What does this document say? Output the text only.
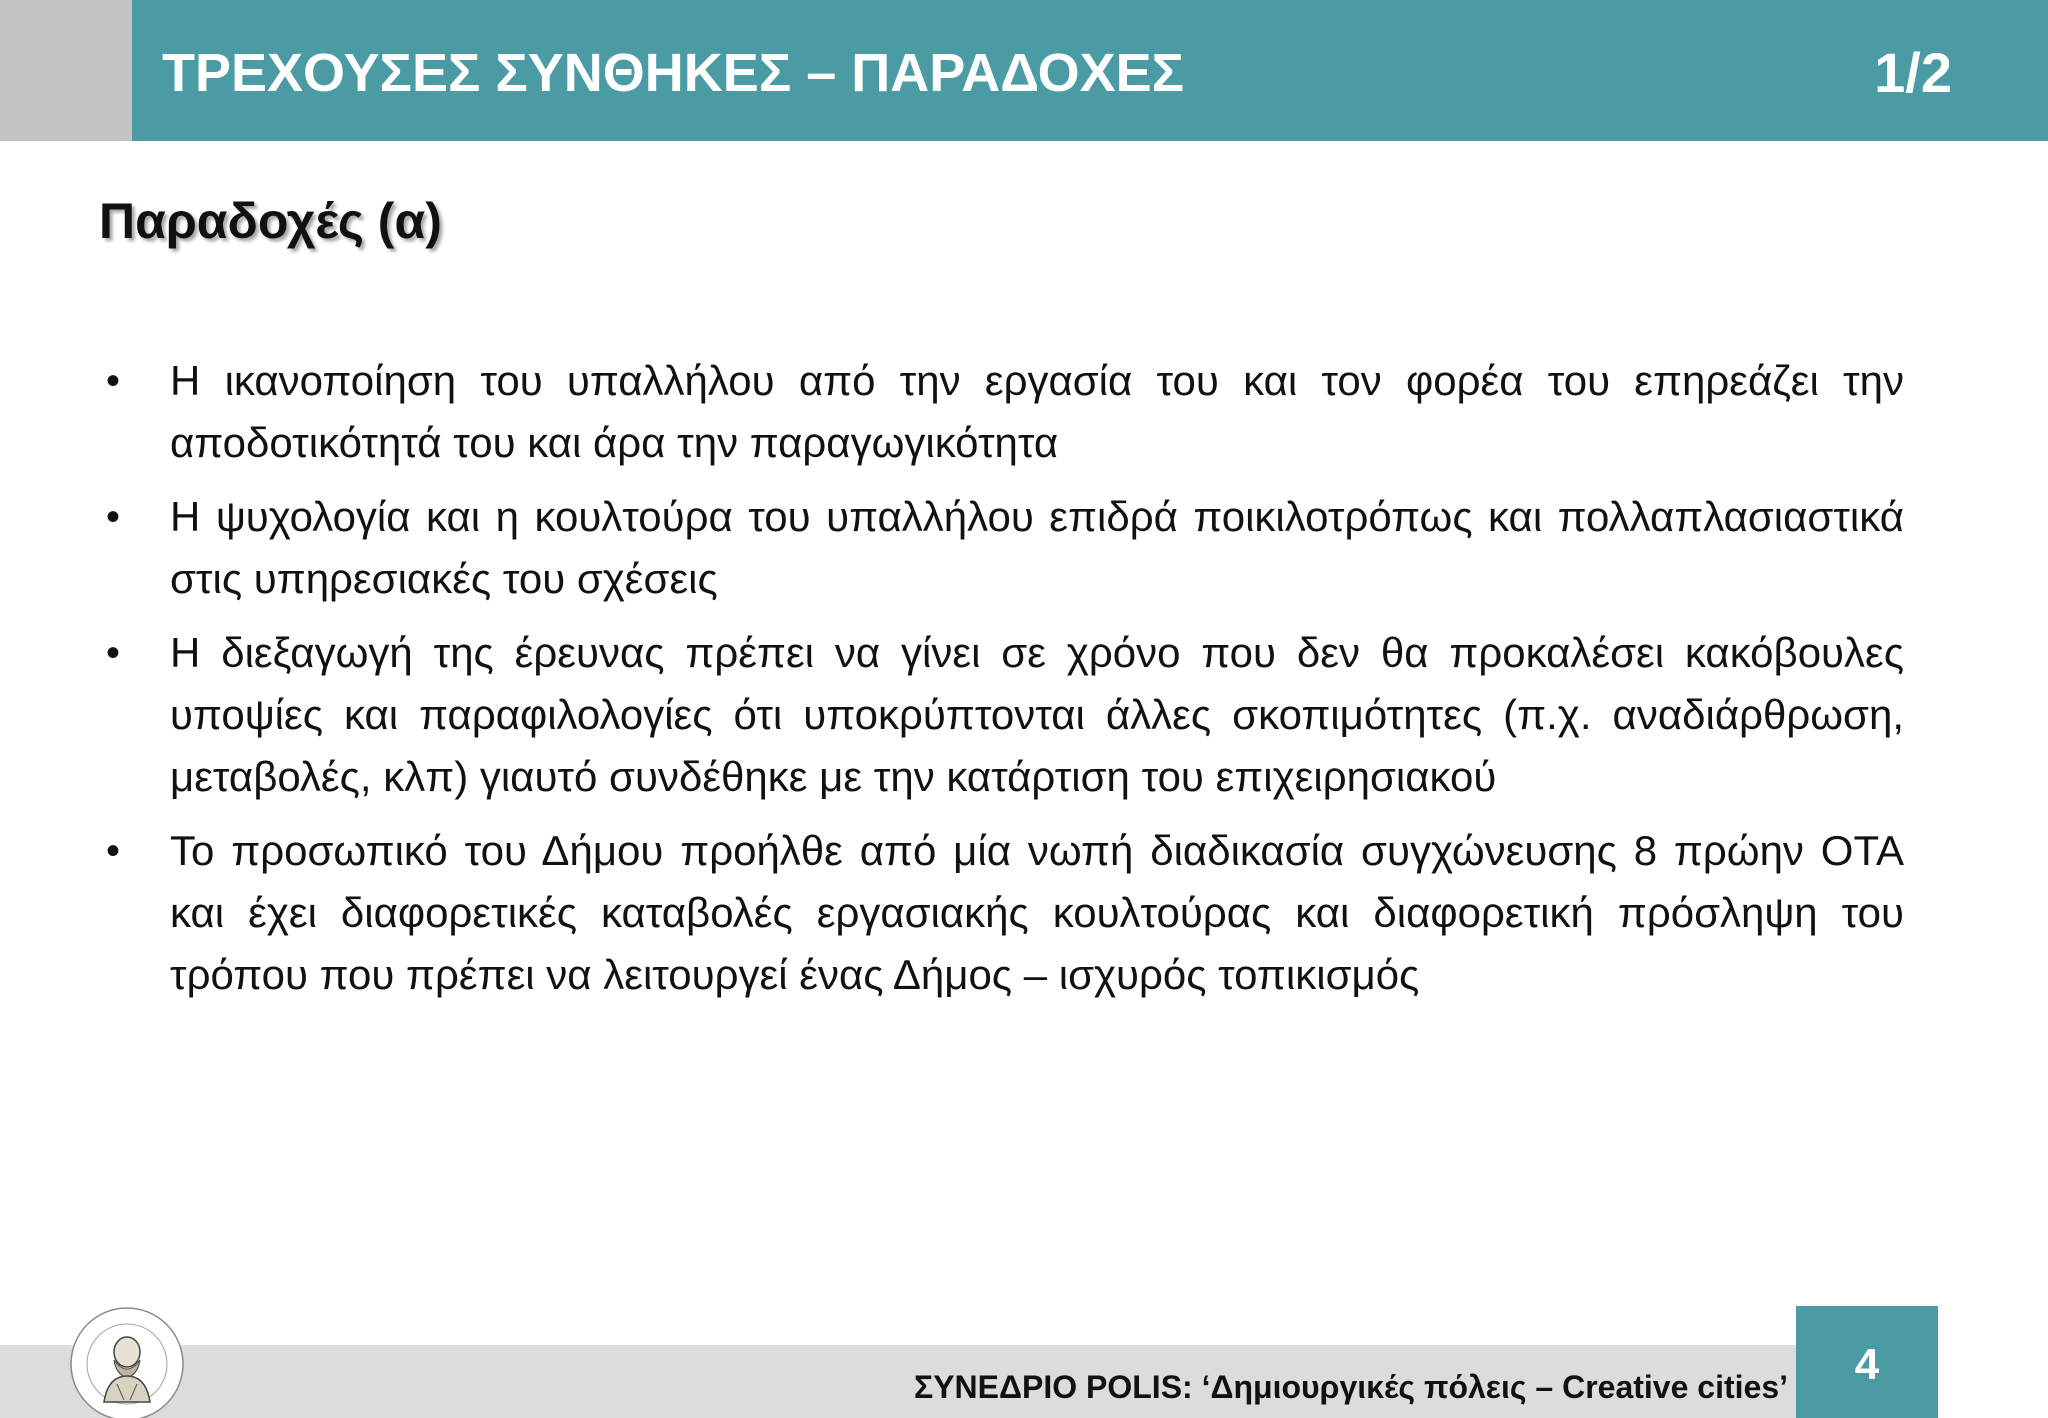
ΤΡΕΧΟΥΣΕΣ ΣΥΝΘΗΚΕΣ – ΠΑΡΑΔΟΧΕΣ	1/2
Παραδοχές (α)
• Η ικανοποίηση του υπαλλήλου από την εργασία του και τον φορέα του επηρεάζει την αποδοτικότητά του και άρα την παραγωγικότητα
• Η ψυχολογία και η κουλτούρα του υπαλλήλου επιδρά ποικιλοτρόπως και πολλαπλασιαστικά στις υπηρεσιακές του σχέσεις
• Η διεξαγωγή της έρευνας πρέπει να γίνει σε χρόνο που δεν θα προκαλέσει κακόβουλες υποψίες και παραφιλολογίες ότι υποκρύπτονται άλλες σκοπιμότητες (π.χ. αναδιάρθρωση, μεταβολές, κλπ) γιαυτό συνδέθηκε με την κατάρτιση του επιχειρησιακού
• Το προσωπικό του Δήμου προήλθε από μία νωπή διαδικασία συγχώνευσης 8 πρώην ΟΤΑ και έχει διαφορετικές καταβολές εργασιακής κουλτούρας και διαφορετική πρόσληψη του τρόπου που πρέπει να λειτουργεί ένας Δήμος – ισχυρός τοπικισμός
ΣΥΝΕΔΡΙΟ POLIS: ‘Δημιουργικές πόλεις – Creative cities’	4
